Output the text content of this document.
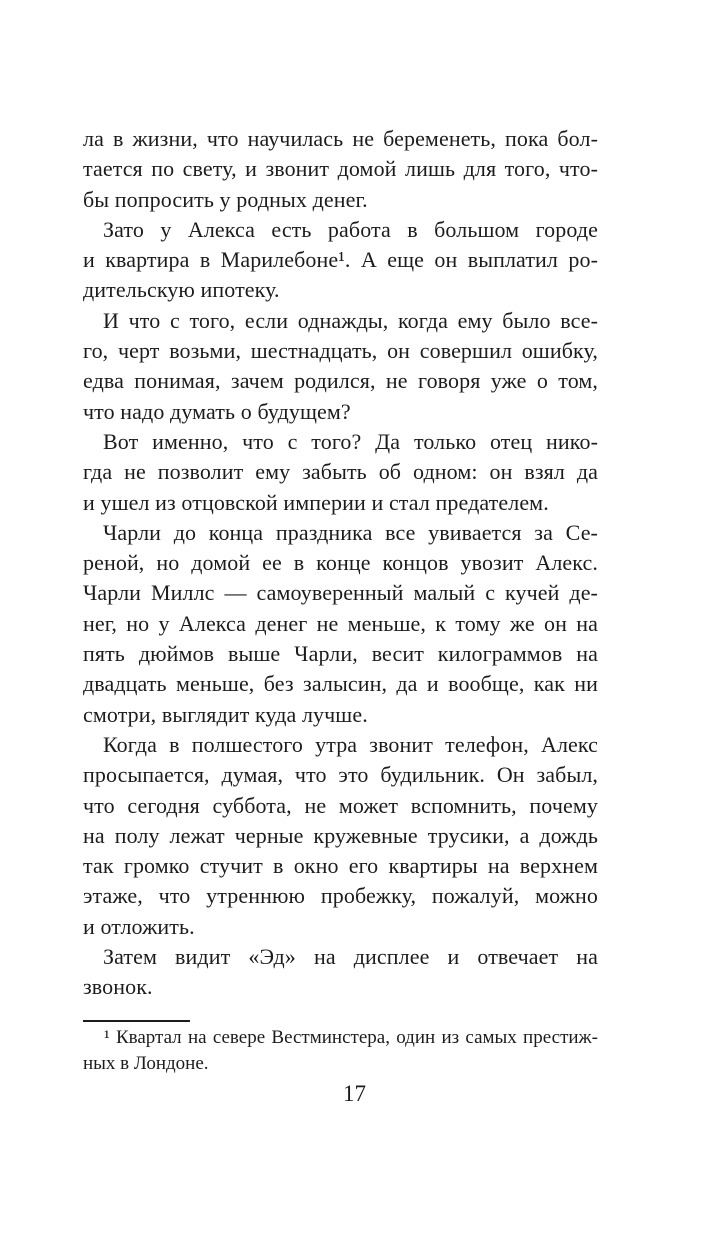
ла в жизни, что научилась не беременеть, пока бол-
тается по свету, и звонит домой лишь для того, что-
бы попросить у родных денег.
Зато у Алекса есть работа в большом городе
и квартира в Марилебоне¹. А еще он выплатил ро-
дительскую ипотеку.
И что с того, если однажды, когда ему было все-
го, черт возьми, шестнадцать, он совершил ошибку,
едва понимая, зачем родился, не говоря уже о том,
что надо думать о будущем?
Вот именно, что с того? Да только отец нико-
гда не позволит ему забыть об одном: он взял да
и ушел из отцовской империи и стал предателем.
Чарли до конца праздника все увивается за Се-
реной, но домой ее в конце концов увозит Алекс.
Чарли Миллс — самоуверенный малый с кучей де-
нег, но у Алекса денег не меньше, к тому же он на
пять дюймов выше Чарли, весит килограммов на
двадцать меньше, без залысин, да и вообще, как ни
смотри, выглядит куда лучше.
Когда в полшестого утра звонит телефон, Алекс
просыпается, думая, что это будильник. Он забыл,
что сегодня суббота, не может вспомнить, почему
на полу лежат черные кружевные трусики, а дождь
так громко стучит в окно его квартиры на верхнем
этаже, что утреннюю пробежку, пожалуй, можно
и отложить.
Затем видит «Эд» на дисплее и отвечает на
звонок.
¹ Квартал на севере Вестминстера, один из самых престиж-
ных в Лондоне.
17
